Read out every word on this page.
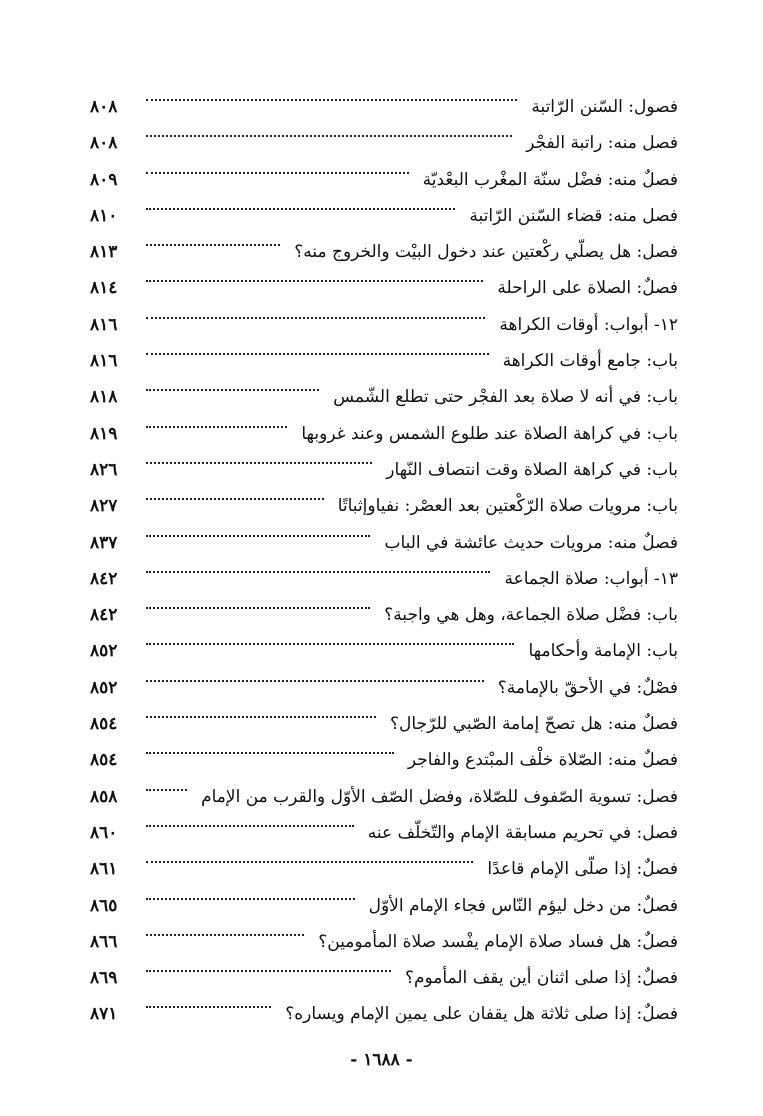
فصول: السّنن الرّاتبة
٨٠٨
فصل منه: راتبة الفجْر
٨٠٨
فصلٌ منه: فضْل سنّة المغْرب البعْديّة
٨٠٩
فصل منه: قضاء السّنن الرّاتبة
٨١٠
فصل: هل يصلّي ركْعتين عند دخول البيْت والخروج منه؟
٨١٣
فصلٌ: الصلاة على الراحلة
٨١٤
١٢- أبواب: أوقات الكراهة
٨١٦
باب: جامع أوقات الكراهة
٨١٦
باب: في أنه لا صلاة بعد الفجْر حتى تطلع الشّمس
٨١٨
باب: في كراهة الصلاة عند طلوع الشمس وعند غروبها
٨١٩
باب: في كراهة الصلاة وقت انتصاف النّهار
٨٢٦
باب: مرويات صلاة الرّكْعتين بعد العصْر: نفياوإثباتًا
٨٢٧
فصلٌ منه: مرويات حديث عائشة في الباب
٨٣٧
١٣- أبواب: صلاة الجماعة
٨٤٢
باب: فضْل صلاة الجماعة، وهل هي واجبة؟
٨٤٢
باب: الإمامة وأحكامها
٨٥٢
فصْلٌ: في الأحقّ بالإمامة؟
٨٥٢
فصلٌ منه: هل تصحّ إمامة الصّبي للرّجال؟
٨٥٤
فصلٌ منه: الصّلاة خلْف المبْتدع والفاجر
٨٥٤
فصل: تسوية الصّفوف للصّلاة، وفضل الصّف الأوّل والقرب من الإمام
٨٥٨
فصل: في تحريم مسابقة الإمام والتّخلّف عنه
٨٦٠
فصلٌ: إذا صلّى الإمام قاعدًا
٨٦١
فصلٌ: من دخل ليؤم النّاس فجاء الإمام الأوّل
٨٦٥
فصلٌ: هل فساد صلاة الإمام يفْسد صلاة المأمومين؟
٨٦٦
فصلٌ: إذا صلى اثنان أين يقف المأموم؟
٨٦٩
فصلٌ: إذا صلى ثلاثة هل يقفان على يمين الإمام ويساره؟
٨٧١
- ١٦٨٨ -
